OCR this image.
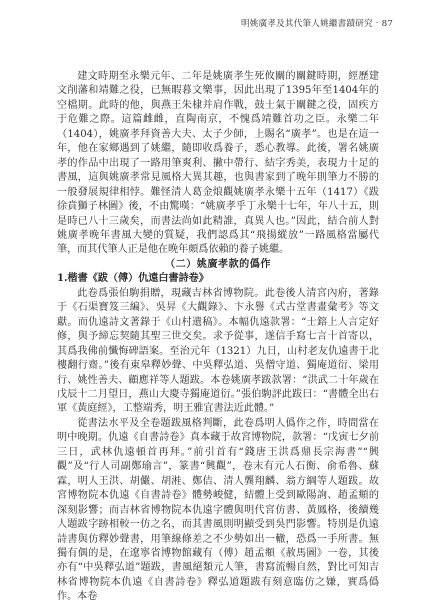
明姚廣孝及其代筆人姚繼書蹟研究‧87

建文時期至永樂元年、二年是姚廣孝生死攸關的關鍵時期，經歷建文削藩和靖難之役，已無暇暮文樂事，因此出現了1395年至1404年的空檔期。此時的他，與燕王朱棣并肩作戰，鼓士氣于關鍵之役，固疾方于危難之際。這篇雌雌，直陶南京，不愧爲靖難首功之臣。永樂二年（1404），姚廣孝拜資善大夫、太子少師，上賜名“廣孝”。也是在這一年，他在家鄉遇到了姚繼，隨即收爲養子，悉心教導。此後，署名姚廣孝的作品中出現了一路用筆爽利、撇中帶行、結字秀美，表現力十足的書風，這與姚廣孝常見風格大異其趣，也與書家到了晚年則筆力不勝的一般發展規律相悖。難怪清人葛金烺觀姚廣孝永樂十五年（1417）《跋徐賁獅子林圖》後，不由驚嘆：“姚廣孝乎丁永樂十七年，年八十五，則是時已八十三歲矣，而書法尚如此精誰，真異人也。”因此，結合前人對姚廣孝晚年書風大變的質疑，我們認爲其“飛揚縱放”一路風格當屬代筆，而其代筆人正是他在晚年頗爲依賴的養子姚繼。

（二）姚廣孝款的僞作

1.楷書《跋（傅）仇遠白書詩卷》

此卷爲張伯駒捐贈，現藏吉林省博物院。此卷後人清宮內府，著錄于《石渠寶笈三編》、吳昇《大觀錄》、卞永譽《式古堂書畫彙考》等文獻。而仇遠詩文著錄于《山村遺稿》。本幅仇遠款署：“士鎔上人言定好修，與予締忘契隨其聖三世交矣。求予從事，遂信手寫七言十首寄以，其爲我佛前懺悔碑語案。至治元年（1321）九日，山村老友仇遠書于北樓翻行齋。”後有東皋釋妙聲、中吳釋弘道、吳僧守道、獨庵道衍、梁用行、姚性善夫、顧應祥等人題跋。本卷姚廣孝跋款署：“洪武二十年歲在戊辰十二月望日，燕山大慶寺獨庵道衍。”張伯駒評此跋曰：“書體全出右軍《黃庭經》，工整端秀，明王雅宜書法近此體。”

從書法水平及全卷題跋風格判斷，此卷爲明人僞作之作，時間當在明中晚期。仇遠《自書詩卷》真本藏于故宮博物院，款署：“戊寅七夕前三日，武林仇遠頓首再拜。”前引首有“錢唐王洪爲鼎長宗海書”“興觀”及“行人司副鄭瑜言”，篆書“興觀”，卷末有元人石衡、俞希魯、蘇霖，明人王洪、胡儼、胡溎、鄭佶、清人龔翔麟、翁方綱等人題跋。故宮博物院本仇遠《自書詩卷》體勢峻健，結體上受到歐陽詢、趙孟頫的深刻影響；而吉林省博物院本仇遠字體與明代宮仿書、黃鳳格，後續幾人題跋字跡相較一仿之名，而其書風則明顯受到吳門影響。特別是仇遠詩書與仿釋妙聲書，用筆線條差之不少勢如出一轍，恐爲一手所書。無獨有偶的是，在遼寧省博物館藏有（傅）趙孟頫《赦馬圖》一卷，其後亦有“中吳釋弘道”題跋，書風絕類元人筆，書寫流暢自然，對比可知吉林省博物院本仇遠《自書詩卷》釋弘道題跋有刻意臨仿之嫌，實爲僞作。本卷
